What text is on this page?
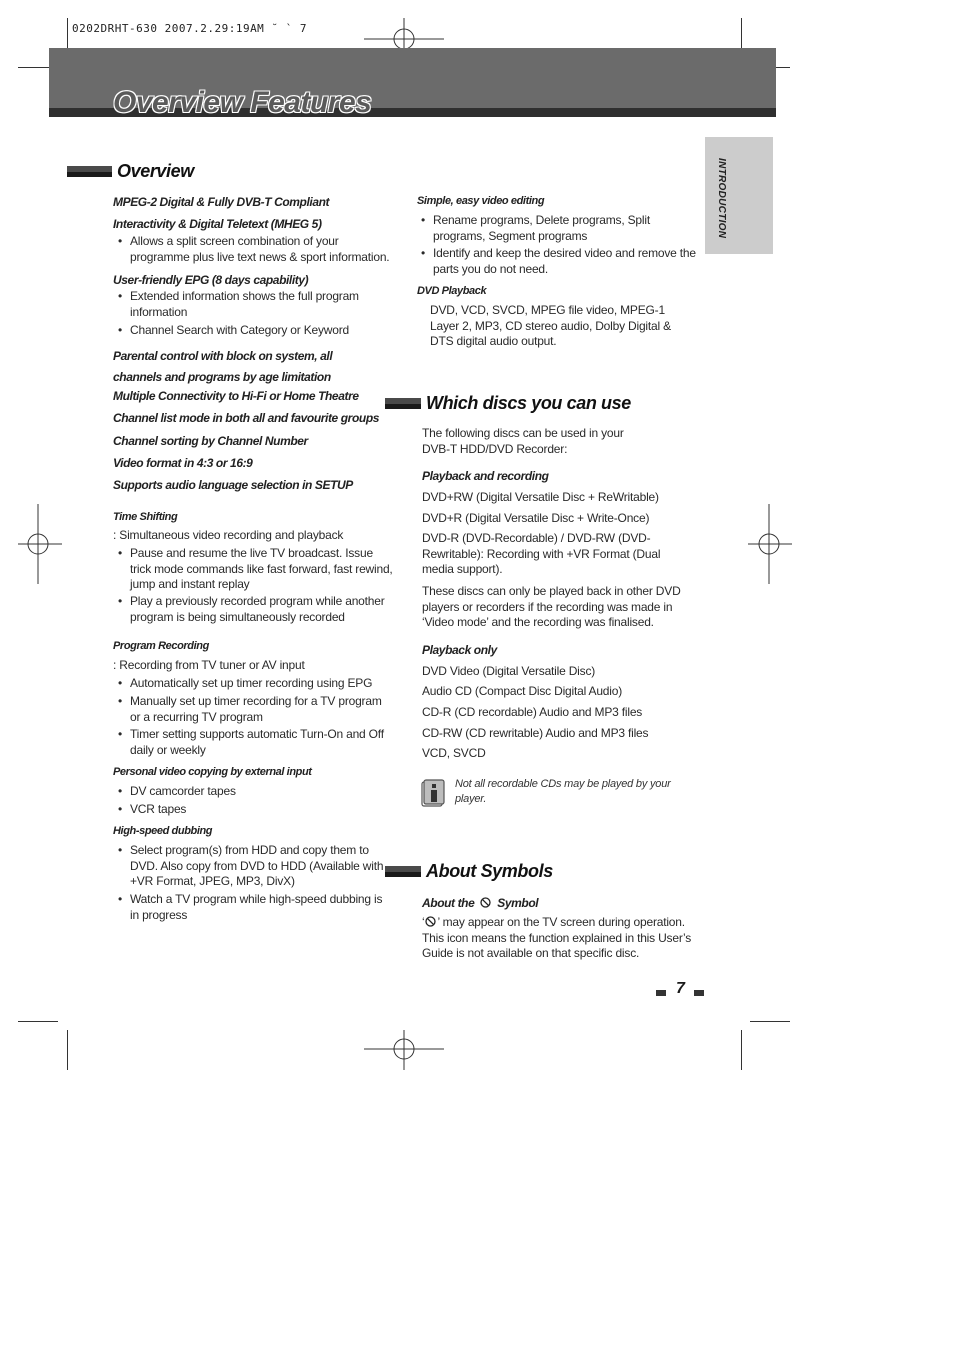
0202DRHT-630 2007.2.29:19AM ˘ ` 7
Overview Features
INTRODUCTION
Overview
MPEG-2 Digital & Fully DVB-T Compliant
Interactivity & Digital Teletext (MHEG 5)
• Allows a split screen combination of your programme plus live text news & sport information.
User-friendly EPG (8 days capability)
• Extended information shows the full program information
• Channel Search with Category or Keyword
Parental control with block on system, all channels and programs by age limitation
Multiple Connectivity to Hi-Fi or Home Theatre
Channel list mode in both all and favourite groups
Channel sorting by Channel Number
Video format in 4:3 or 16:9
Supports audio language selection in SETUP
Time Shifting
: Simultaneous video recording and playback
• Pause and resume the live TV broadcast. Issue trick mode commands like fast forward, fast rewind, jump and instant replay
• Play a previously recorded program while another program is being simultaneously recorded
Program Recording
: Recording from TV tuner or AV input
• Automatically set up timer recording using EPG
• Manually set up timer recording for a TV program or a recurring TV program
• Timer setting supports automatic Turn-On and Off daily or weekly
Personal video copying by external input
• DV camcorder tapes
• VCR tapes
High-speed dubbing
• Select program(s) from HDD and copy them to DVD. Also copy from DVD to HDD (Available with +VR Format, JPEG, MP3, DivX)
• Watch a TV program while high-speed dubbing is in progress
Simple, easy video editing
• Rename programs, Delete programs, Split programs, Segment programs
• Identify and keep the desired video and remove the parts you do not need.
DVD Playback
DVD, VCD, SVCD, MPEG file video, MPEG-1 Layer 2, MP3, CD stereo audio, Dolby Digital & DTS digital audio output.
Which discs you can use
The following discs can be used in your DVB-T HDD/DVD Recorder:
Playback and recording
DVD+RW (Digital Versatile Disc + ReWritable)
DVD+R (Digital Versatile Disc + Write-Once)
DVD-R (DVD-Recordable) / DVD-RW (DVD-Rewritable): Recording with +VR Format (Dual media support).
These discs can only be played back in other DVD players or recorders if the recording was made in ‘Video mode’ and the recording was finalised.
Playback only
DVD Video (Digital Versatile Disc)
Audio CD (Compact Disc Digital Audio)
CD-R (CD recordable) Audio and MP3 files
CD-RW (CD rewritable) Audio and MP3 files
VCD, SVCD
Not all recordable CDs may be played by your player.
About Symbols
About the Symbol
‘ ’ may appear on the TV screen during operation. This icon means the function explained in this User’s Guide is not available on that specific disc.
7
